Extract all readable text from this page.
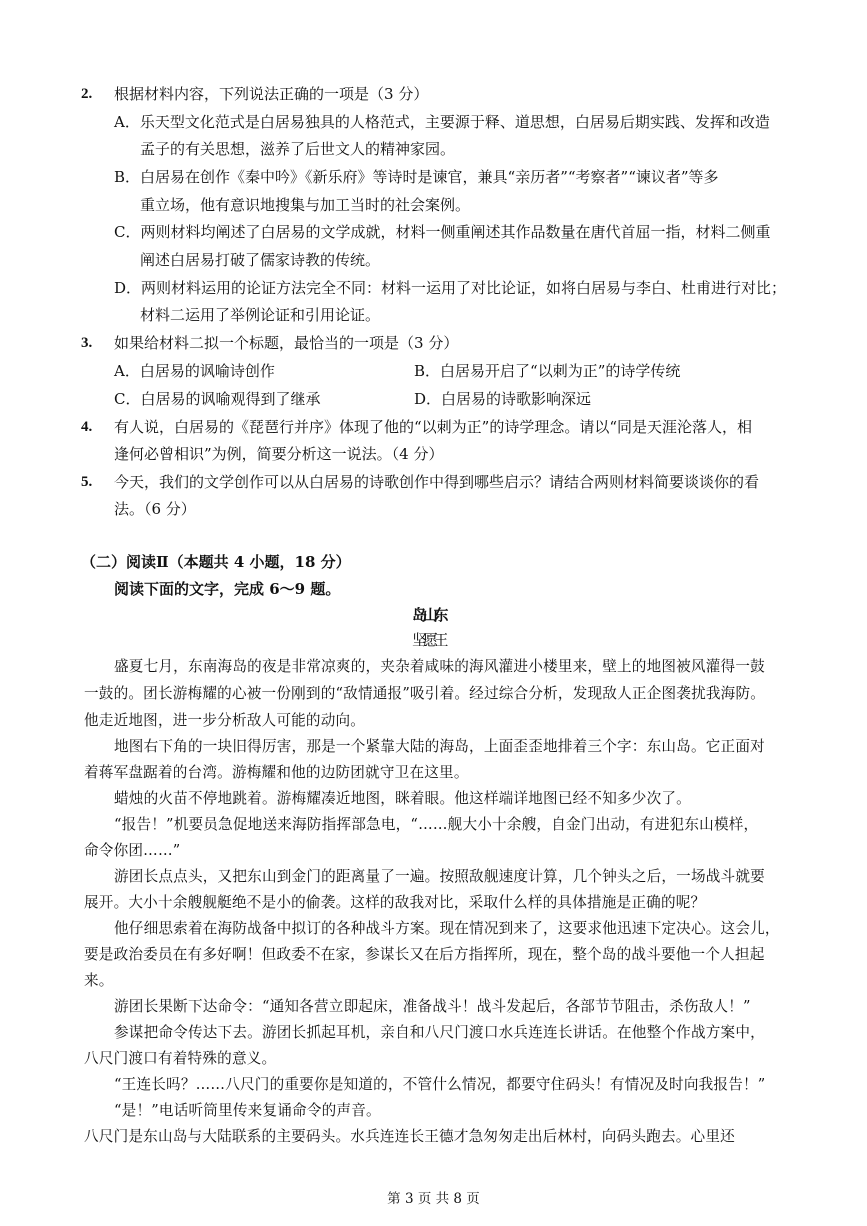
2. 根据材料内容，下列说法正确的一项是（3 分）
A．乐天型文化范式是白居易独具的人格范式，主要源于释、道思想，白居易后期实践、发挥和改造
孟子的有关思想，滋养了后世文人的精神家园。
B．白居易在创作《秦中吟》《新乐府》等诗时是谏官，兼具“亲历者”“考察者”“谏议者”等多
重立场，他有意识地搜集与加工当时的社会案例。
C．两则材料均阐述了白居易的文学成就，材料一侧重阐述其作品数量在唐代首屈一指，材料二侧重
阐述白居易打破了儒家诗教的传统。
D．两则材料运用的论证方法完全不同：材料一运用了对比论证，如将白居易与李白、杜甫进行对比；
材料二运用了举例论证和引用论证。
3. 如果给材料二拟一个标题，最恰当的一项是（3 分）
A．白居易的讽喻诗创作	B．白居易开启了“以刺为正”的诗学传统
C．白居易的讽喻观得到了继承	D．白居易的诗歌影响深远
4. 有人说，白居易的《琵琶行并序》体现了他的“以刺为正”的诗学理念。请以“同是天涯沦落人，相
逢何必曾相识”为例，简要分析这一说法。（4 分）
5. 今天，我们的文学创作可以从白居易的诗歌创作中得到哪些启示？请结合两则材料简要谈谈你的看
法。（6 分）
（二）阅读Ⅱ（本题共 4 小题，18 分）
阅读下面的文字，完成 6～9 题。
盛夏七月，东南海岛的夜是非常凉爽的，夹杂着咸味的海风灌进小楼里来，壁上的地图被风灌得一鼓
一鼓的。团长游梅耀的心被一份刚到的“敌情通报”吸引着。经过综合分析，发现敌人正企图袭扰我海防。
他走近地图，进一步分析敌人可能的动向。
地图右下角的一块旧得厉害，那是一个紧靠大陆的海岛，上面歪歪地排着三个字：东山岛。它正面对
着蒋军盘踞着的台湾。游梅耀和他的边防团就守卫在这里。
蜡烛的火苗不停地跳着。游梅耀凑近地图，眯着眼。他这样端详地图已经不知多少次了。
“报告！”机要员急促地送来海防指挥部急电，“……舰大小十余艘，自金门出动，有进犯东山模样，
命令你团……”
游团长点点头，又把东山到金门的距离量了一遍。按照敌舰速度计算，几个钟头之后，一场战斗就要
展开。大小十余艘舰艇绝不是小的偷袭。这样的敌我对比，采取什么样的具体措施是正确的呢？
他仔细思索着在海防战备中拟订的各种战斗方案。现在情况到来了，这要求他迅速下定决心。这会儿，
要是政治委员在有多好啊！但政委不在家，参谋长又在后方指挥所，现在，整个岛的战斗要他一个人担起
来。
游团长果断下达命令：“通知各营立即起床，准备战斗！战斗发起后，各部节节阻击，杀伤敌人！”
参谋把命令传达下去。游团长抓起耳机，亲自和八尺门渡口水兵连连长讲话。在他整个作战方案中，
八尺门渡口有着特殊的意义。
“王连长吗？……八尺门的重要你是知道的，不管什么情况，都要守住码头！有情况及时向我报告！”
“是！”电话听筒里传来复诵命令的声音。
八尺门是东山岛与大陆联系的主要码头。水兵连连长王德才急匆匆走出后林村，向码头跑去。心里还
第 3 页 共 8 页
